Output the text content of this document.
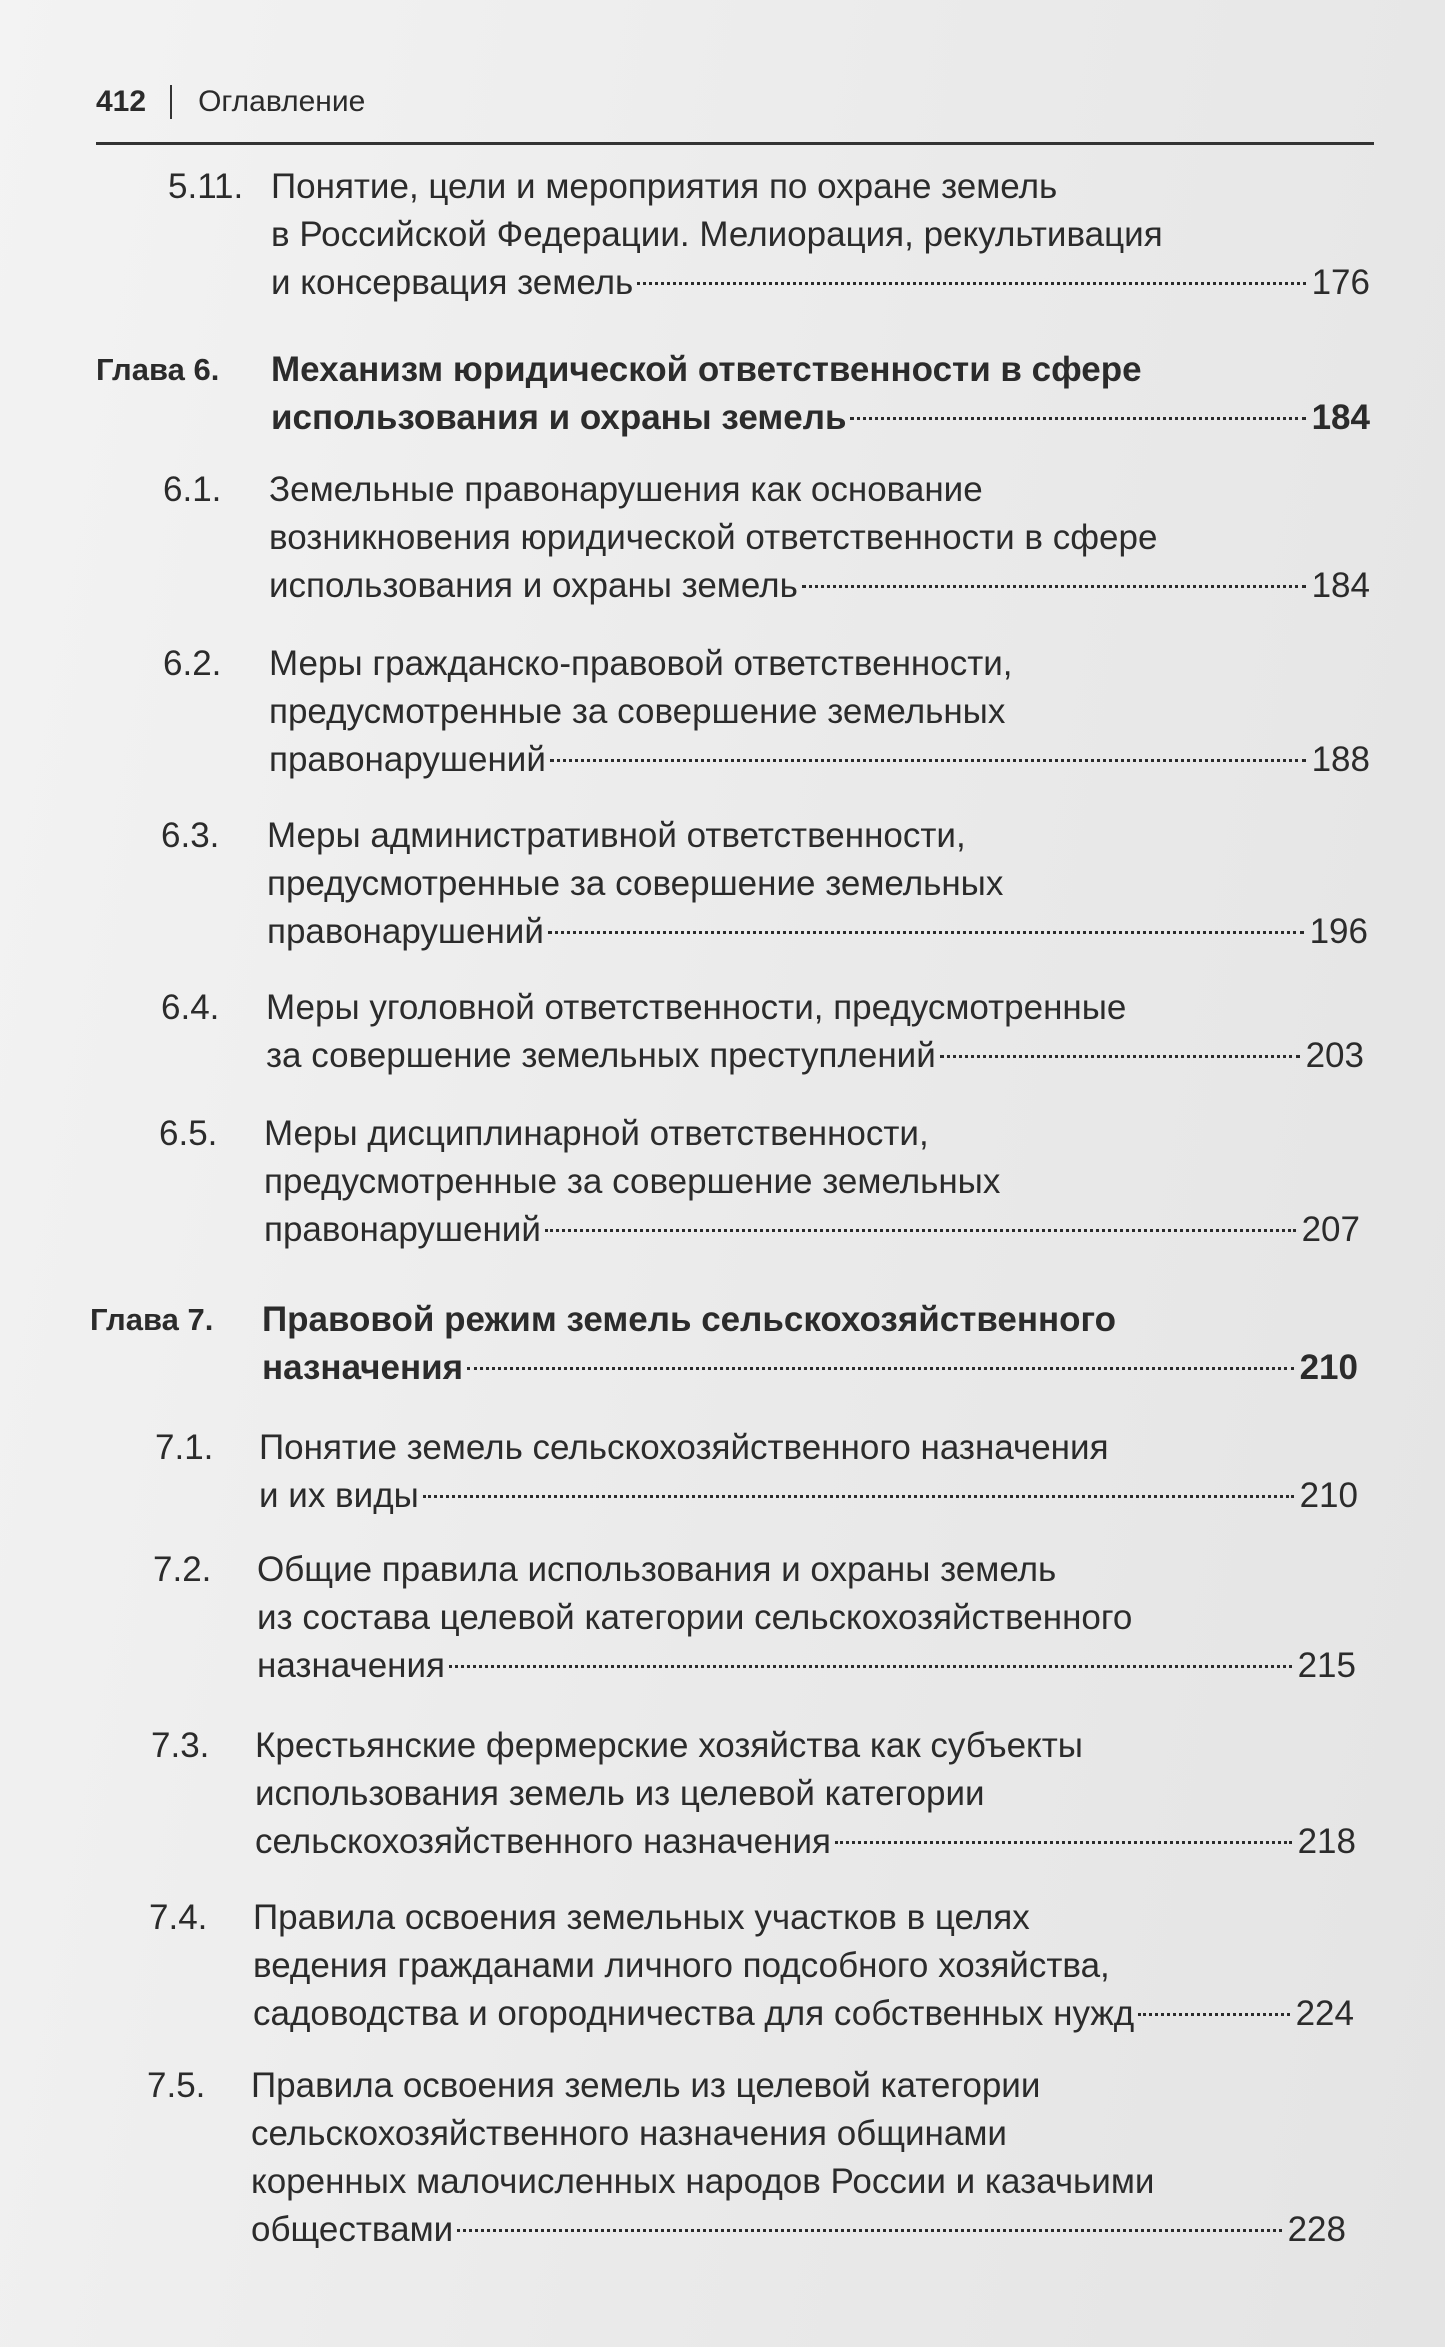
412 Оглавление
5.11. Понятие, цели и мероприятия по охране земель
в Российской Федерации. Мелиорация, рекультивация
и консервация земель	176
Глава 6. Механизм юридической ответственности в сфере
использования и охраны земель	184
6.1. Земельные правонарушения как основание
возникновения юридической ответственности в сфере
использования и охраны земель	184
6.2. Меры гражданско-правовой ответственности,
предусмотренные за совершение земельных
правонарушений	188
6.3. Меры административной ответственности,
предусмотренные за совершение земельных
правонарушений	196
6.4. Меры уголовной ответственности, предусмотренные
за совершение земельных преступлений	203
6.5. Меры дисциплинарной ответственности,
предусмотренные за совершение земельных
правонарушений	207
Глава 7. Правовой режим земель сельскохозяйственного
назначения	210
7.1. Понятие земель сельскохозяйственного назначения
и их виды	210
7.2. Общие правила использования и охраны земель
из состава целевой категории сельскохозяйственного
назначения	215
7.3. Крестьянские фермерские хозяйства как субъекты
использования земель из целевой категории
сельскохозяйственного назначения	218
7.4. Правила освоения земельных участков в целях
ведения гражданами личного подсобного хозяйства,
садоводства и огородничества для собственных нужд	224
7.5. Правила освоения земель из целевой категории
сельскохозяйственного назначения общинами
коренных малочисленных народов России и казачьими
обществами	228
